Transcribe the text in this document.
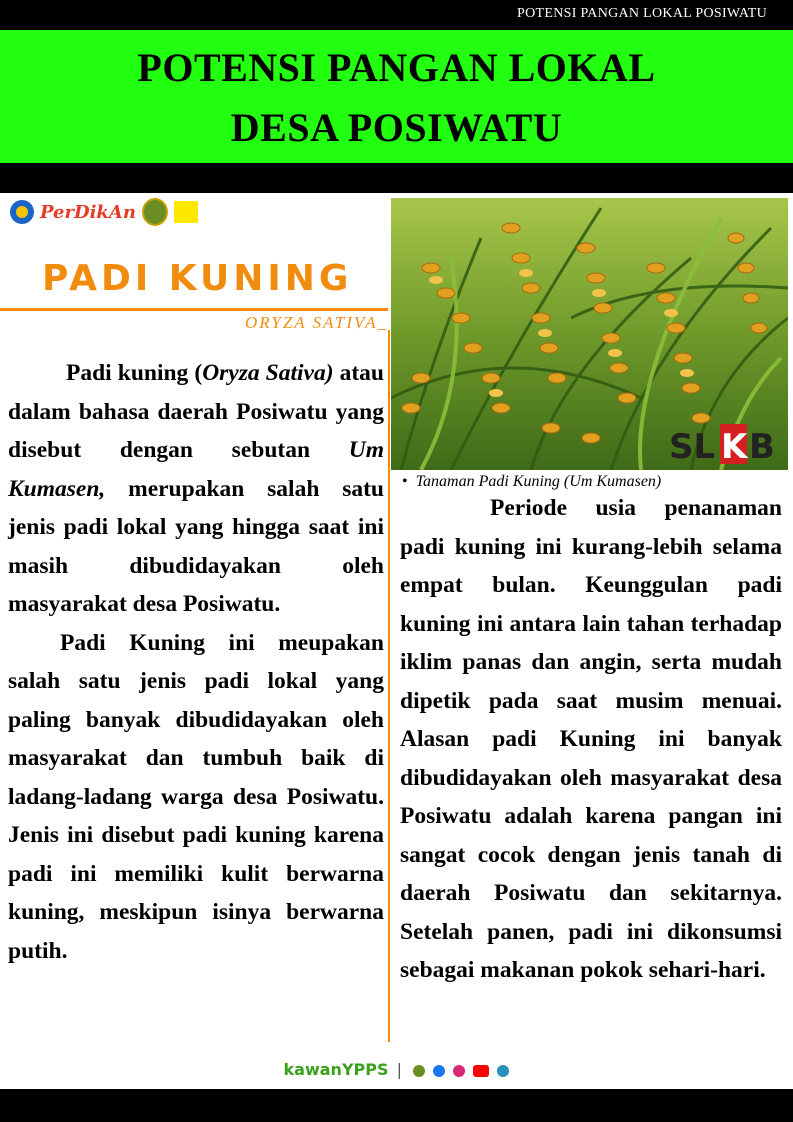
POTENSI PANGAN LOKAL POSIWATU
POTENSI PANGAN LOKAL
DESA POSIWATU
PerDikAn
PADI KUNING
ORYZA SATIVA_

Padi kuning (Oryza Sativa) atau dalam bahasa daerah Posiwatu yang disebut dengan sebutan Um Kumasen, merupakan salah satu jenis padi lokal yang hingga saat ini masih dibudidayakan oleh masyarakat desa Posiwatu.

Padi Kuning ini meupakan salah satu jenis padi lokal yang paling banyak dibudidayakan oleh masyarakat dan tumbuh baik di ladang-ladang warga desa Posiwatu. Jenis ini disebut padi kuning karena padi ini memiliki kulit berwarna kuning, meskipun isinya berwarna putih.

SL K B
• Tanaman Padi Kuning (Um Kumasen)

Periode usia penanaman padi kuning ini kurang-lebih selama empat bulan. Keunggulan padi kuning ini antara lain tahan terhadap iklim panas dan angin, serta mudah dipetik pada saat musim menuai. Alasan padi Kuning ini banyak dibudidayakan oleh masyarakat desa Posiwatu adalah karena pangan ini sangat cocok dengan jenis tanah di daerah Posiwatu dan sekitarnya. Setelah panen, padi ini dikonsumsi sebagai makanan pokok sehari-hari.

kawanYPPS |
